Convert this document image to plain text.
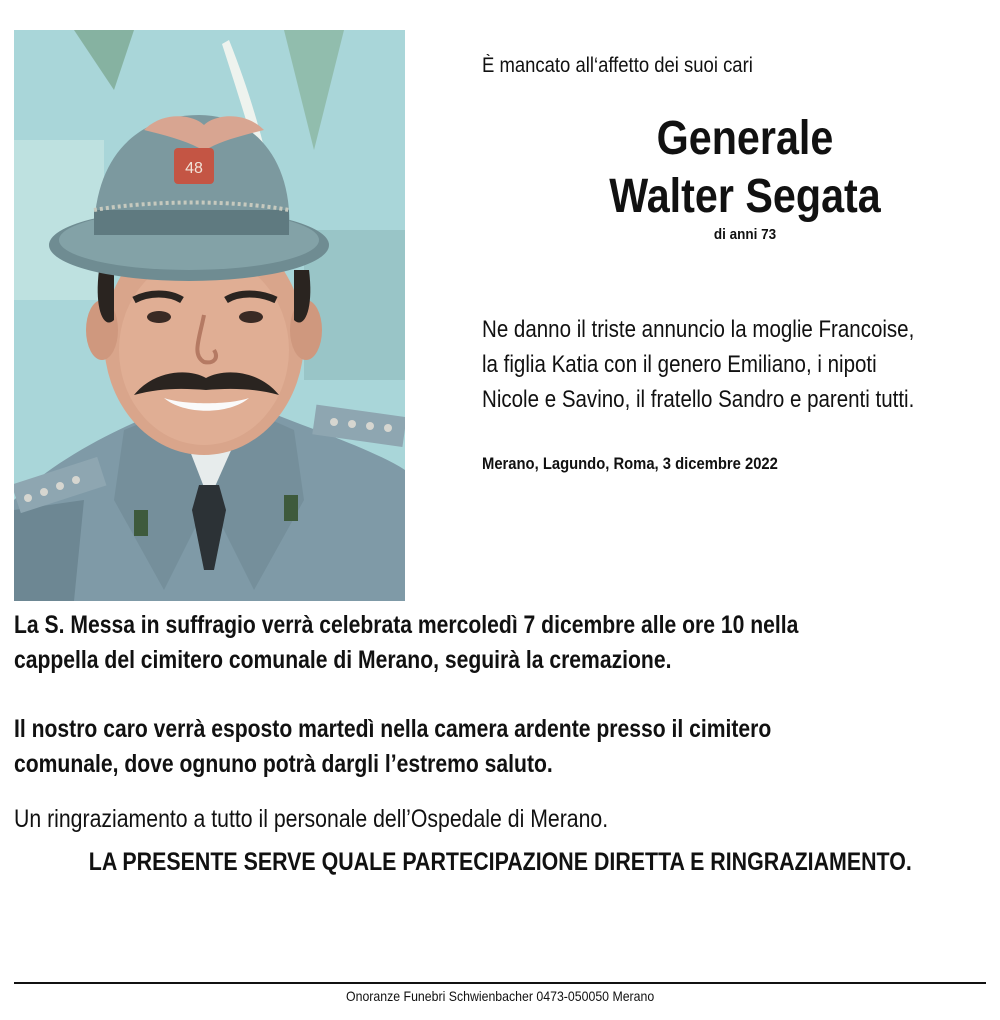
48
È mancato all‘affetto dei suoi cari
Generale
Walter Segata
di anni 73
Ne danno il triste annuncio la moglie Francoise,
la figlia Katia con il genero Emiliano, i nipoti
Nicole e Savino, il fratello Sandro e parenti tutti.
Merano, Lagundo, Roma, 3 dicembre 2022
La S. Messa in suffragio verrà celebrata mercoledì 7 dicembre alle ore 10 nella
cappella del cimitero comunale di Merano, seguirà la cremazione.
Il nostro caro verrà esposto martedì nella camera ardente presso il cimitero
comunale, dove ognuno potrà dargli l’estremo saluto.
Un ringraziamento a tutto il personale dell’Ospedale di Merano.
LA PRESENTE SERVE QUALE PARTECIPAZIONE DIRETTA E RINGRAZIAMENTO.
Onoranze Funebri Schwienbacher 0473-050050 Merano
